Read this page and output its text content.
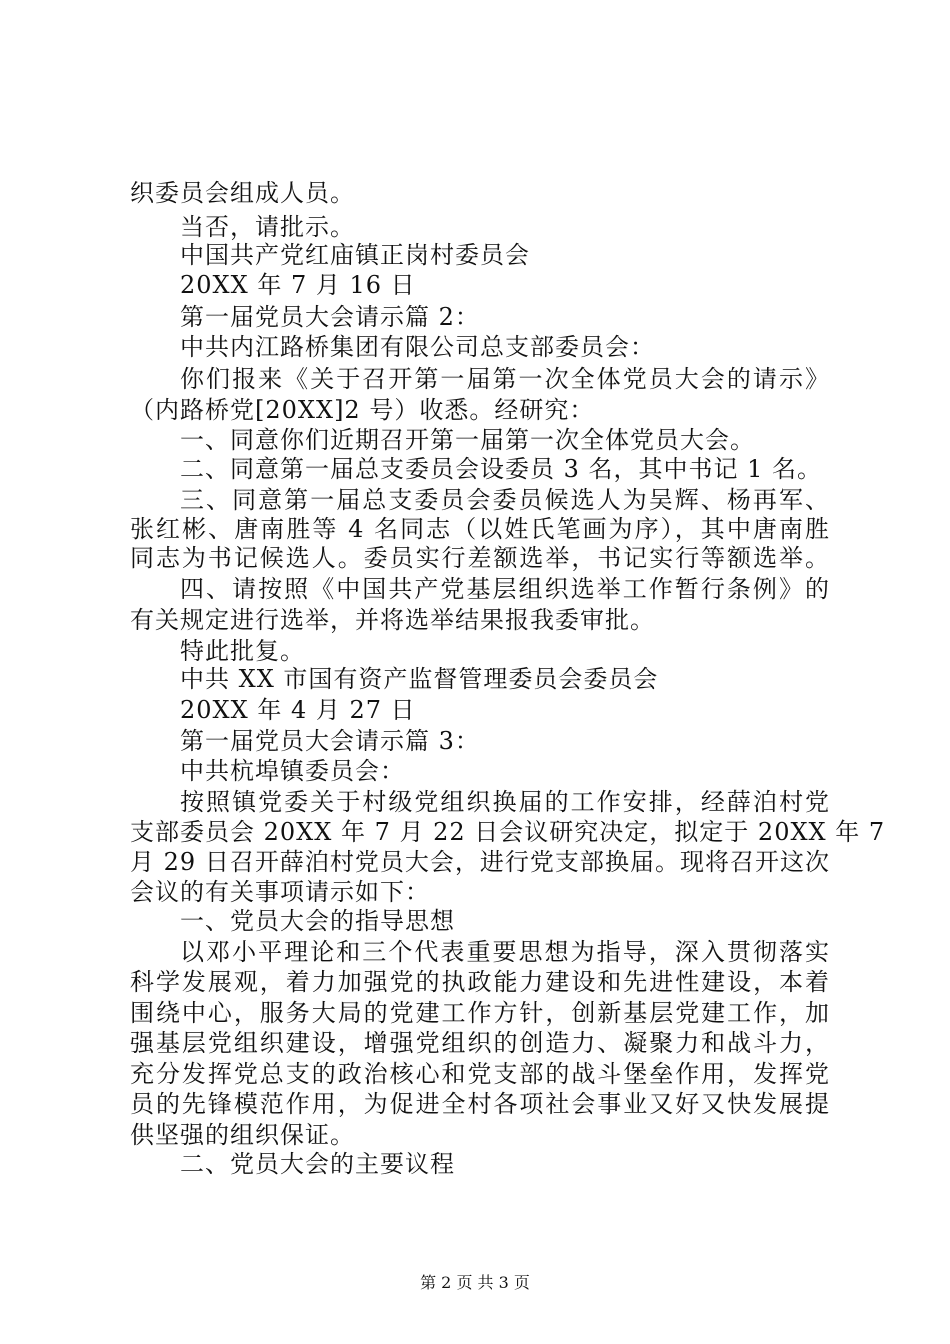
织委员会组成人员。
当否，请批示。
中国共产党红庙镇正岗村委员会
20XX 年 7 月 16 日
第一届党员大会请示篇 2：
中共内江路桥集团有限公司总支部委员会：
你们报来《关于召开第一届第一次全体党员大会的请示》
（内路桥党[20XX]2 号）收悉。经研究：
一、同意你们近期召开第一届第一次全体党员大会。
二、同意第一届总支委员会设委员 3 名，其中书记 1 名。
三、同意第一届总支委员会委员候选人为吴辉、杨再军、
张红彬、唐南胜等 4 名同志（以姓氏笔画为序），其中唐南胜
同志为书记候选人。委员实行差额选举，书记实行等额选举。
四、请按照《中国共产党基层组织选举工作暂行条例》的
有关规定进行选举，并将选举结果报我委审批。
特此批复。
中共 XX 市国有资产监督管理委员会委员会
20XX 年 4 月 27 日
第一届党员大会请示篇 3：
中共杭埠镇委员会：
按照镇党委关于村级党组织换届的工作安排，经薛泊村党
支部委员会 20XX 年 7 月 22 日会议研究决定，拟定于 20XX 年 7
月 29 日召开薛泊村党员大会，进行党支部换届。现将召开这次
会议的有关事项请示如下：
一、党员大会的指导思想
以邓小平理论和三个代表重要思想为指导，深入贯彻落实
科学发展观，着力加强党的执政能力建设和先进性建设，本着
围绕中心，服务大局的党建工作方针，创新基层党建工作，加
强基层党组织建设，增强党组织的创造力、凝聚力和战斗力，
充分发挥党总支的政治核心和党支部的战斗堡垒作用，发挥党
员的先锋模范作用，为促进全村各项社会事业又好又快发展提
供坚强的组织保证。
二、党员大会的主要议程
第 2 页 共 3 页
